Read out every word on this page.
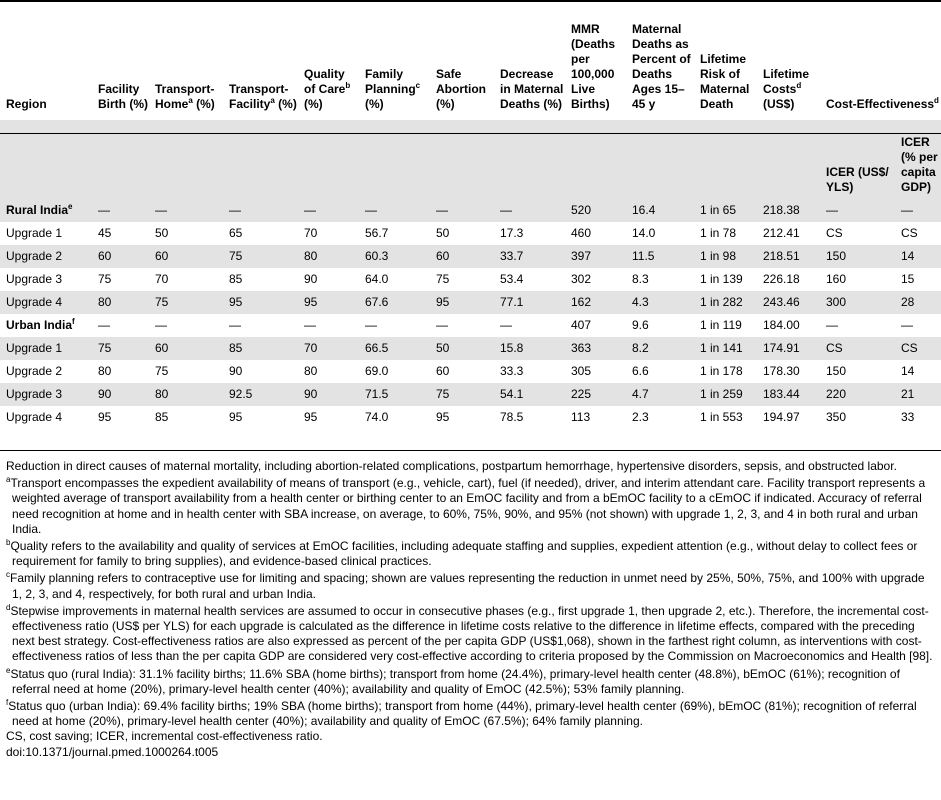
Region	Facility Birth (%)	Transport-Home$^a$ (%)	Transport-Facility$^a$ (%)	Quality of Care$^b$ (%)	Family Planning$^c$ (%)	Safe Abortion (%)	Decrease in Maternal Deaths (%)	MMR (Deaths per 100,000 Live Births)	Maternal Deaths as Percent of Deaths Ages 15–45 y	Lifetime Risk of Maternal Death	Lifetime Costs$^d$ (US$)	Cost-Effectiveness$^d$
												ICER (US$/ YLS)	ICER (% per capita GDP)
Rural India$^e$	—	—	—	—	—	—	—	520	16.4	1 in 65	218.38	—	—
Upgrade 1	45	50	65	70	56.7	50	17.3	460	14.0	1 in 78	212.41	CS	CS
Upgrade 2	60	60	75	80	60.3	60	33.7	397	11.5	1 in 98	218.51	150	14
Upgrade 3	75	70	85	90	64.0	75	53.4	302	8.3	1 in 139	226.18	160	15
Upgrade 4	80	75	95	95	67.6	95	77.1	162	4.3	1 in 282	243.46	300	28
Urban India$^f$	—	—	—	—	—	—	—	407	9.6	1 in 119	184.00	—	—
Upgrade 1	75	60	85	70	66.5	50	15.8	363	8.2	1 in 141	174.91	CS	CS
Upgrade 2	80	75	90	80	69.0	60	33.3	305	6.6	1 in 178	178.30	150	14
Upgrade 3	90	80	92.5	90	71.5	75	54.1	225	4.7	1 in 259	183.44	220	21
Upgrade 4	95	85	95	95	74.0	95	78.5	113	2.3	1 in 553	194.97	350	33

Reduction in direct causes of maternal mortality, including abortion-related complications, postpartum hemorrhage, hypertensive disorders, sepsis, and obstructed labor.

$^a$Transport encompasses the expedient availability of means of transport (e.g., vehicle, cart), fuel (if needed), driver, and interim attendant care. Facility transport represents a weighted average of transport availability from a health center or birthing center to an EmOC facility and from a bEmOC facility to a cEmOC if indicated. Accuracy of referral need recognition at home and in health center with SBA increase, on average, to 60%, 75%, 90%, and 95% (not shown) with upgrade 1, 2, 3, and 4 in both rural and urban India.

$^b$Quality refers to the availability and quality of services at EmOC facilities, including adequate staffing and supplies, expedient attention (e.g., without delay to collect fees or requirement for family to bring supplies), and evidence-based clinical practices.

$^c$Family planning refers to contraceptive use for limiting and spacing; shown are values representing the reduction in unmet need by 25%, 50%, 75%, and 100% with upgrade 1, 2, 3, and 4, respectively, for both rural and urban India.

$^d$Stepwise improvements in maternal health services are assumed to occur in consecutive phases (e.g., first upgrade 1, then upgrade 2, etc.). Therefore, the incremental cost-effectiveness ratio (US$ per YLS) for each upgrade is calculated as the difference in lifetime costs relative to the difference in lifetime effects, compared with the preceding next best strategy. Cost-effectiveness ratios are also expressed as percent of the per capita GDP (US$1,068), shown in the farthest right column, as interventions with cost-effectiveness ratios of less than the per capita GDP are considered very cost-effective according to criteria proposed by the Commission on Macroeconomics and Health [98].

$^e$Status quo (rural India): 31.1% facility births; 11.6% SBA (home births); transport from home (24.4%), primary-level health center (48.8%), bEmOC (61%); recognition of referral need at home (20%), primary-level health center (40%); availability and quality of EmOC (42.5%); 53% family planning.

$^f$Status quo (urban India): 69.4% facility births; 19% SBA (home births); transport from home (44%), primary-level health center (69%), bEmOC (81%); recognition of referral need at home (20%), primary-level health center (40%); availability and quality of EmOC (67.5%); 64% family planning.

CS, cost saving; ICER, incremental cost-effectiveness ratio.

doi:10.1371/journal.pmed.1000264.t005
